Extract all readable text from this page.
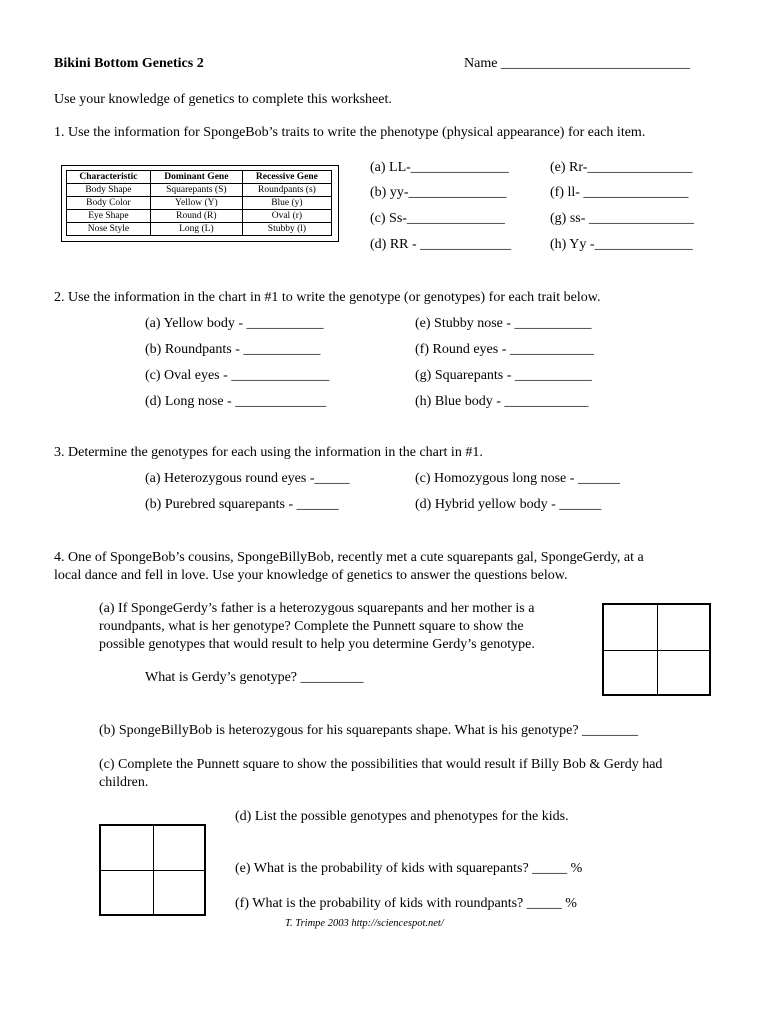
Bikini Bottom Genetics 2	Name ___________________________
Use your knowledge of genetics to complete this worksheet.
1. Use the information for SpongeBob’s traits to write the phenotype (physical appearance) for each item.
Characteristic	Dominant Gene	Recessive Gene
Body Shape	Squarepants (S)	Roundpants (s)
Body Color	Yellow (Y)	Blue (y)
Eye Shape	Round (R)	Oval (r)
Nose Style	Long (L)	Stubby (l)
(a) LL-______________
(b) yy-______________
(c) Ss-______________
(d) RR - _____________
(e) Rr-_______________
(f) ll- _______________
(g) ss- _______________
(h) Yy -______________
2. Use the information in the chart in #1 to write the genotype (or genotypes) for each trait below.
(a) Yellow body - ___________
(b) Roundpants - ___________
(c) Oval eyes - ______________
(d) Long nose - _____________
(e) Stubby nose - ___________
(f) Round eyes - ____________
(g) Squarepants - ___________
(h) Blue body - ____________
3. Determine the genotypes for each using the information in the chart in #1.
(a) Heterozygous round eyes -_____
(b) Purebred squarepants - ______
(c) Homozygous long nose - ______
(d) Hybrid yellow body - ______
4. One of SpongeBob’s cousins, SpongeBillyBob, recently met a cute squarepants gal, SpongeGerdy, at a
local dance and fell in love. Use your knowledge of genetics to answer the questions below.
(a) If SpongeGerdy’s father is a heterozygous squarepants and her mother is a
roundpants, what is her genotype? Complete the Punnett square to show the
possible genotypes that would result to help you determine Gerdy’s genotype.
What is Gerdy’s genotype? _________
(b) SpongeBillyBob is heterozygous for his squarepants shape. What is his genotype? ________
(c) Complete the Punnett square to show the possibilities that would result if Billy Bob & Gerdy had
children.
(d) List the possible genotypes and phenotypes for the kids.
(e) What is the probability of kids with squarepants? _____ %
(f) What is the probability of kids with roundpants? _____ %
T. Trimpe 2003 http://sciencespot.net/
